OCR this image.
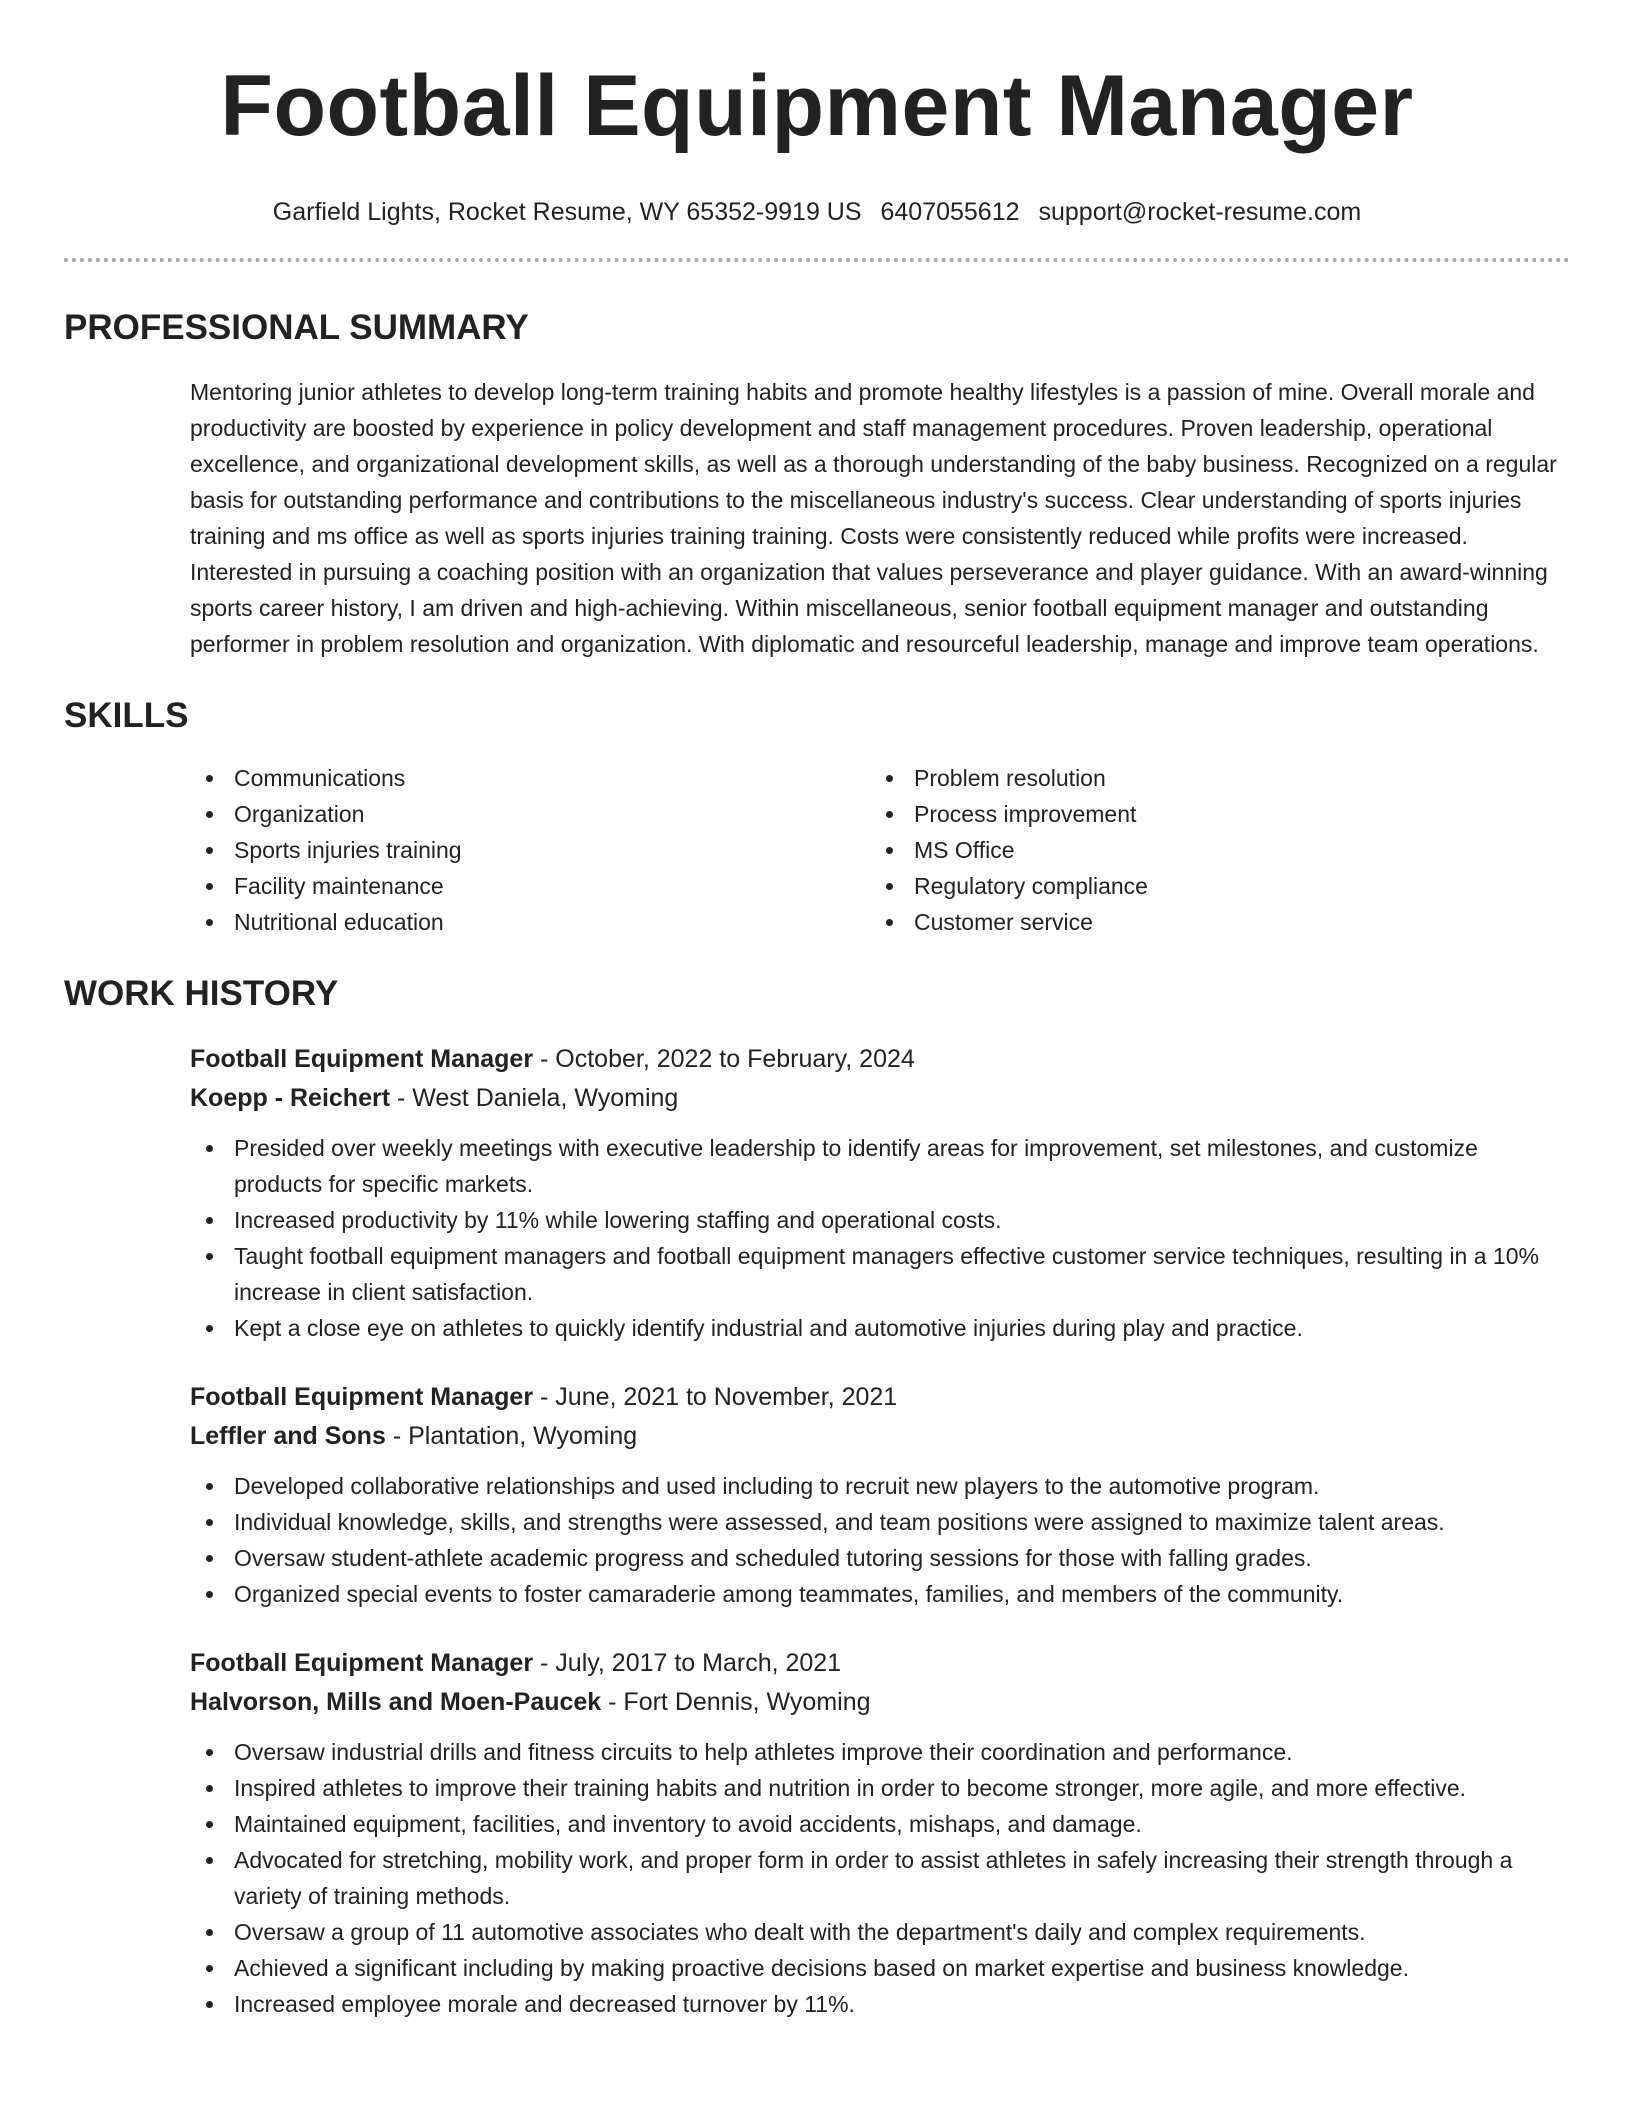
Football Equipment Manager
Garfield Lights, Rocket Resume, WY 65352-9919 US 6407055612 support@rocket-resume.com
PROFESSIONAL SUMMARY

Mentoring junior athletes to develop long-term training habits and promote healthy lifestyles is a passion of mine. Overall morale and productivity are boosted by experience in policy development and staff management procedures. Proven leadership, operational excellence, and organizational development skills, as well as a thorough understanding of the baby business. Recognized on a regular basis for outstanding performance and contributions to the miscellaneous industry's success. Clear understanding of sports injuries training and ms office as well as sports injuries training training. Costs were consistently reduced while profits were increased. Interested in pursuing a coaching position with an organization that values perseverance and player guidance. With an award-winning sports career history, I am driven and high-achieving. Within miscellaneous, senior football equipment manager and outstanding performer in problem resolution and organization. With diplomatic and resourceful leadership, manage and improve team operations.

SKILLS
Communications
Organization
Sports injuries training
Facility maintenance
Nutritional education
Problem resolution
Process improvement
MS Office
Regulatory compliance
Customer service
WORK HISTORY
Football Equipment Manager - October, 2022 to February, 2024
Koepp - Reichert - West Daniela, Wyoming
Presided over weekly meetings with executive leadership to identify areas for improvement, set milestones, and customize products for specific markets.
Increased productivity by 11% while lowering staffing and operational costs.
Taught football equipment managers and football equipment managers effective customer service techniques, resulting in a 10% increase in client satisfaction.
Kept a close eye on athletes to quickly identify industrial and automotive injuries during play and practice.
Football Equipment Manager - June, 2021 to November, 2021
Leffler and Sons - Plantation, Wyoming
Developed collaborative relationships and used including to recruit new players to the automotive program.
Individual knowledge, skills, and strengths were assessed, and team positions were assigned to maximize talent areas.
Oversaw student-athlete academic progress and scheduled tutoring sessions for those with falling grades.
Organized special events to foster camaraderie among teammates, families, and members of the community.
Football Equipment Manager - July, 2017 to March, 2021
Halvorson, Mills and Moen-Paucek - Fort Dennis, Wyoming
Oversaw industrial drills and fitness circuits to help athletes improve their coordination and performance.
Inspired athletes to improve their training habits and nutrition in order to become stronger, more agile, and more effective.
Maintained equipment, facilities, and inventory to avoid accidents, mishaps, and damage.
Advocated for stretching, mobility work, and proper form in order to assist athletes in safely increasing their strength through a variety of training methods.
Oversaw a group of 11 automotive associates who dealt with the department's daily and complex requirements.
Achieved a significant including by making proactive decisions based on market expertise and business knowledge.
Increased employee morale and decreased turnover by 11%.
